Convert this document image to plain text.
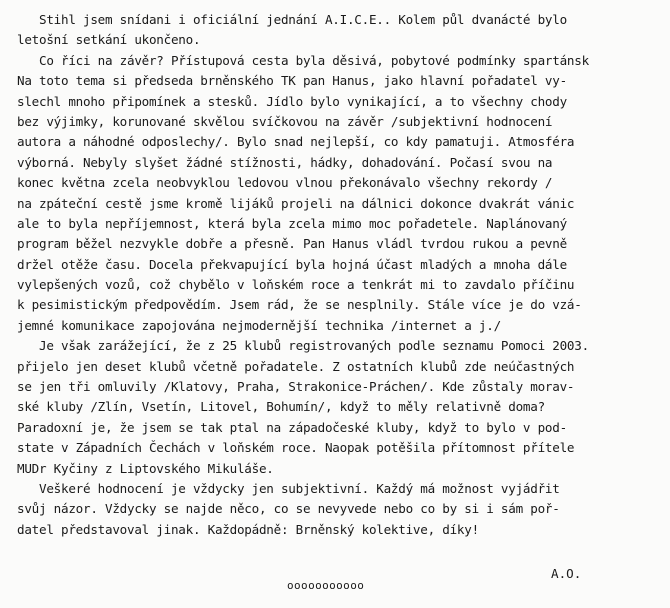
Stihl jsem snídani i oficiální jednání A.I.C.E.. Kolem půl dvanácté bylo
letošní setkání ukončeno.
Co říci na závěr? Přístupová cesta byla děsivá, pobytové podmínky spartánsk
Na toto tema si předseda brněnského TK pan Hanus, jako hlavní pořadatel vy-
slechl mnoho připomínek a stesků. Jídlo bylo vynikající, a to všechny chody
bez výjimky, korunované skvělou svíčkovou na závěr /subjektivní hodnocení
autora a náhodné odposlechy/. Bylo snad nejlepší, co kdy pamatuji. Atmosféra
výborná. Nebyly slyšet žádné stížnosti, hádky, dohadování. Počasí svou na
konec května zcela neobvyklou ledovou vlnou překonávalo všechny rekordy /
na zpáteční cestě jsme kromě lijáků projeli na dálnici dokonce dvakrát vánic
ale to byla nepříjemnost, která byla zcela mimo moc pořadetele. Naplánovaný
program běžel nezvykle dobře a přesně. Pan Hanus vládl tvrdou rukou a pevně
držel otěže času. Docela překvapující byla hojná účast mladých a mnoha dále
vylepšených vozů, což chybělo v loňském roce a tenkrát mi to zavdalo příčinu
k pesimistickým předpovědím. Jsem rád, že se nesplnily. Stále více je do vzá-
jemné komunikace zapojována nejmodernější technika /internet a j./
Je však zarážející, že z 25 klubů registrovaných podle seznamu Pomoci 2003.
přijelo jen deset klubů včetně pořadatele. Z ostatních klubů zde neúčastných
se jen tři omluvily /Klatovy, Praha, Strakonice-Práchen/. Kde zůstaly morav-
ské kluby /Zlín, Vsetín, Litovel, Bohumín/, když to měly relativně doma?
Paradoxní je, že jsem se tak ptal na západočeské kluby, když to bylo v pod-
state v Západních Čechách v loňském roce. Naopak potěšila přítomnost přítele
MUDr Kyčiny z Liptovského Mikuláše.
Veškeré hodnocení je vždycky jen subjektivní. Každý má možnost vyjádřit
svůj názor. Vždycky se najde něco, co se nevyvede nebo co by si i sám poř-
datel představoval jinak. Každopádně: Brněnský kolektive, díky!
A.O.
ooooooooooo
